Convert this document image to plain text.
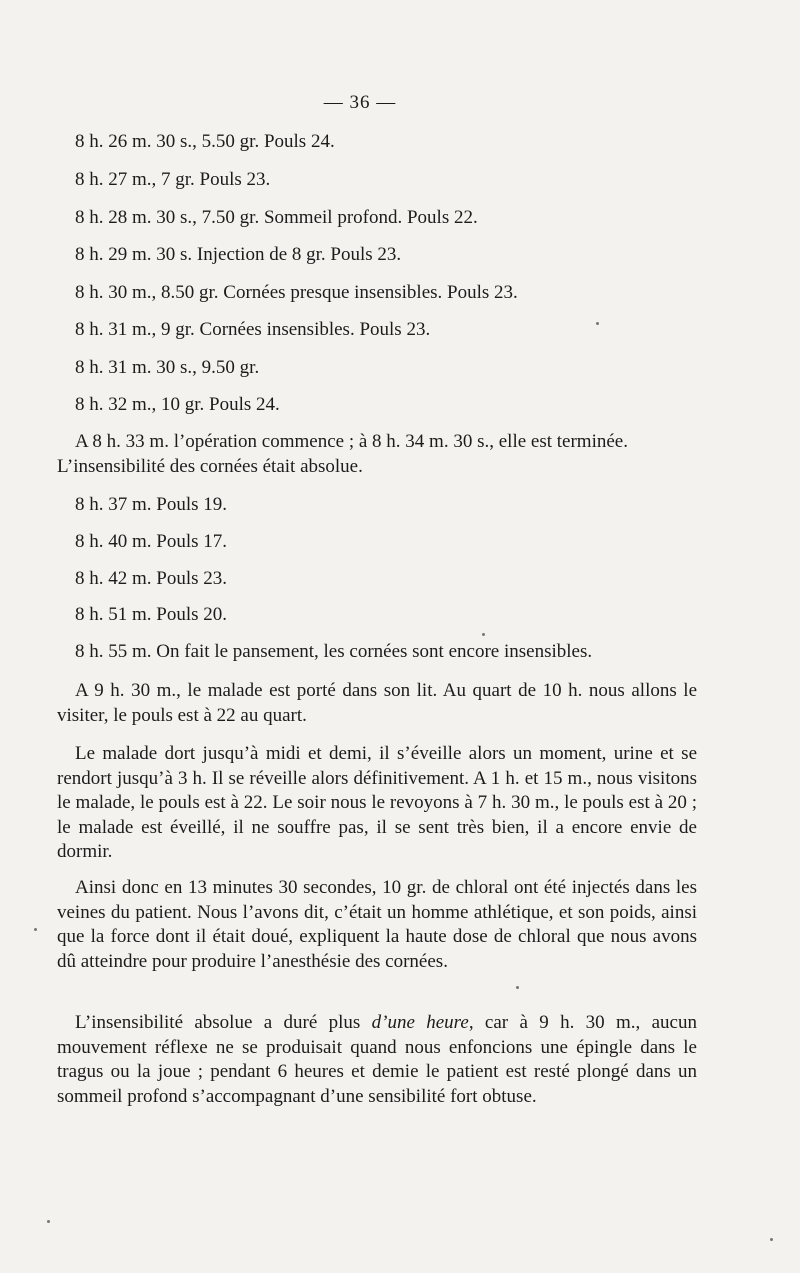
— 36 —
8 h. 26 m. 30 s., 5.50 gr. Pouls 24.
8 h. 27 m., 7 gr. Pouls 23.
8 h. 28 m. 30 s., 7.50 gr. Sommeil profond. Pouls 22.
8 h. 29 m. 30 s. Injection de 8 gr. Pouls 23.
8 h. 30 m., 8.50 gr. Cornées presque insensibles. Pouls 23.
8 h. 31 m., 9 gr. Cornées insensibles. Pouls 23.
8 h. 31 m. 30 s., 9.50 gr.
8 h. 32 m., 10 gr. Pouls 24.
A 8 h. 33 m. l’opération commence ; à 8 h. 34 m. 30 s., elle est terminée.
L’insensibilité des cornées était absolue.
8 h. 37 m. Pouls 19.
8 h. 40 m. Pouls 17.
8 h. 42 m. Pouls 23.
8 h. 51 m. Pouls 20.
8 h. 55 m. On fait le pansement, les cornées sont encore insensibles.
A 9 h. 30 m., le malade est porté dans son lit. Au quart de 10 h. nous allons le visiter, le pouls est à 22 au quart.
Le malade dort jusqu’à midi et demi, il s’éveille alors un moment, urine et se rendort jusqu’à 3 h. Il se réveille alors définitivement. A 1 h. et 15 m., nous visitons le malade, le pouls est à 22. Le soir nous le revoyons à 7 h. 30 m., le pouls est à 20 ; le malade est éveillé, il ne souffre pas, il se sent très bien, il a encore envie de dormir.
Ainsi donc en 13 minutes 30 secondes, 10 gr. de chloral ont été injectés dans les veines du patient. Nous l’avons dit, c’était un homme athlétique, et son poids, ainsi que la force dont il était doué, expliquent la haute dose de chloral que nous avons dû atteindre pour produire l’anesthésie des cornées.
L’insensibilité absolue a duré plus d’une heure, car à 9 h. 30 m., aucun mouvement réflexe ne se produisait quand nous enfoncions une épingle dans le tragus ou la joue ; pendant 6 heures et demie le patient est resté plongé dans un sommeil profond s’accompagnant d’une sensibilité fort obtuse.
